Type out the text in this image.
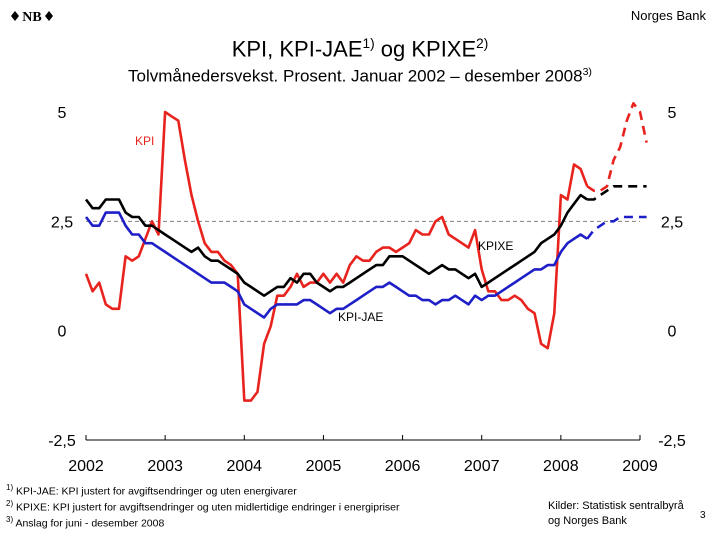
KPI
KPIXE
KPI-JAE
2002	2003	2004	2005	2006	2007	2008	2009
-2,5	-2,5
0	0
2,5	2,5
5	5
NB	Norges Bank
KPI, KPI-JAE$^{1)}$ og KPIXE$^{2)}$
Tolvmånedersvekst. Prosent. Januar 2002 – desember 2008$^{3)}$
$^{1)}$ KPI-JAE: KPI justert for avgiftsendringer og uten energivarer
$^{2)}$ KPIXE: KPI justert for avgiftsendringer og uten midlertidige endringer i energipriser
$^{3)}$ Anslag for juni - desember 2008
Kilder: Statistisk sentralbyrå
og Norges Bank	3
